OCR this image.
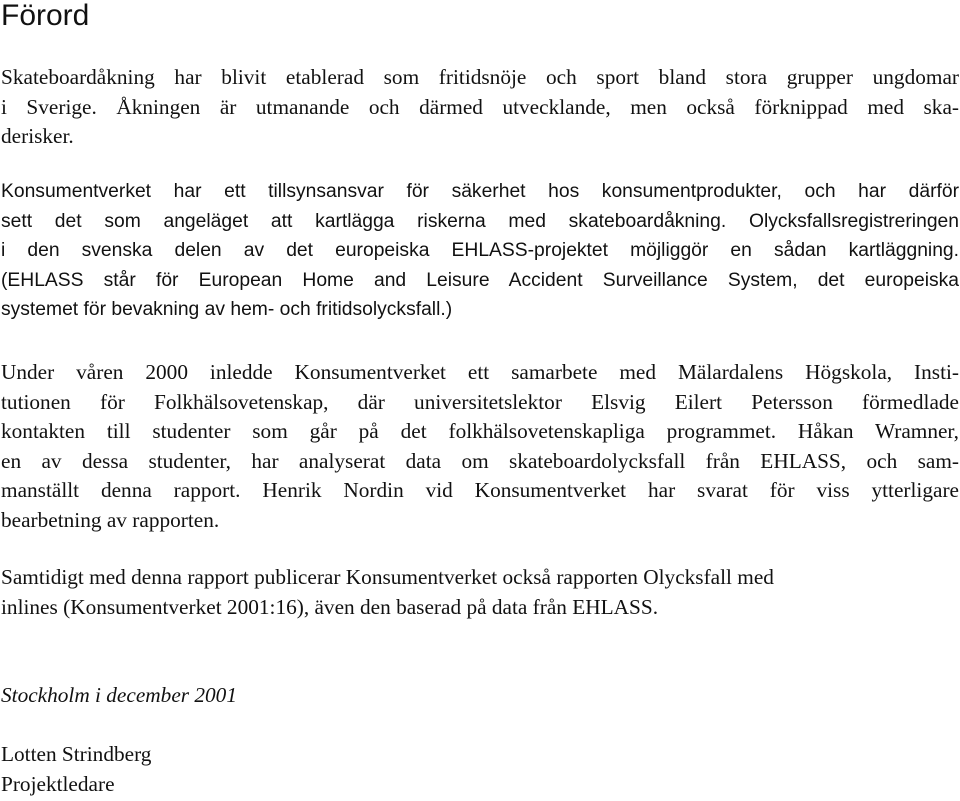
Förord
Skateboardåkning har blivit etablerad som fritidsnöje och sport bland stora grupper ungdomar
i Sverige. Åkningen är utmanande och därmed utvecklande, men också förknippad med ska-
derisker.
Konsumentverket har ett tillsynsansvar för säkerhet hos konsumentprodukter, och har därför
sett det som angeläget att kartlägga riskerna med skateboardåkning. Olycksfallsregistreringen
i den svenska delen av det europeiska EHLASS-projektet möjliggör en sådan kartläggning.
(EHLASS står för European Home and Leisure Accident Surveillance System, det europeiska
systemet för bevakning av hem- och fritidsolycksfall.)
Under våren 2000 inledde Konsumentverket ett samarbete med Mälardalens Högskola, Insti-
tutionen för Folkhälsovetenskap, där universitetslektor Elsvig Eilert Petersson förmedlade
kontakten till studenter som går på det folkhälsovetenskapliga programmet. Håkan Wramner,
en av dessa studenter, har analyserat data om skateboardolycksfall från EHLASS, och sam-
manställt denna rapport. Henrik Nordin vid Konsumentverket har svarat för viss ytterligare
bearbetning av rapporten.
Samtidigt med denna rapport publicerar Konsumentverket också rapporten Olycksfall med
inlines (Konsumentverket 2001:16), även den baserad på data från EHLASS.
Stockholm i december 2001
Lotten Strindberg
Projektledare
